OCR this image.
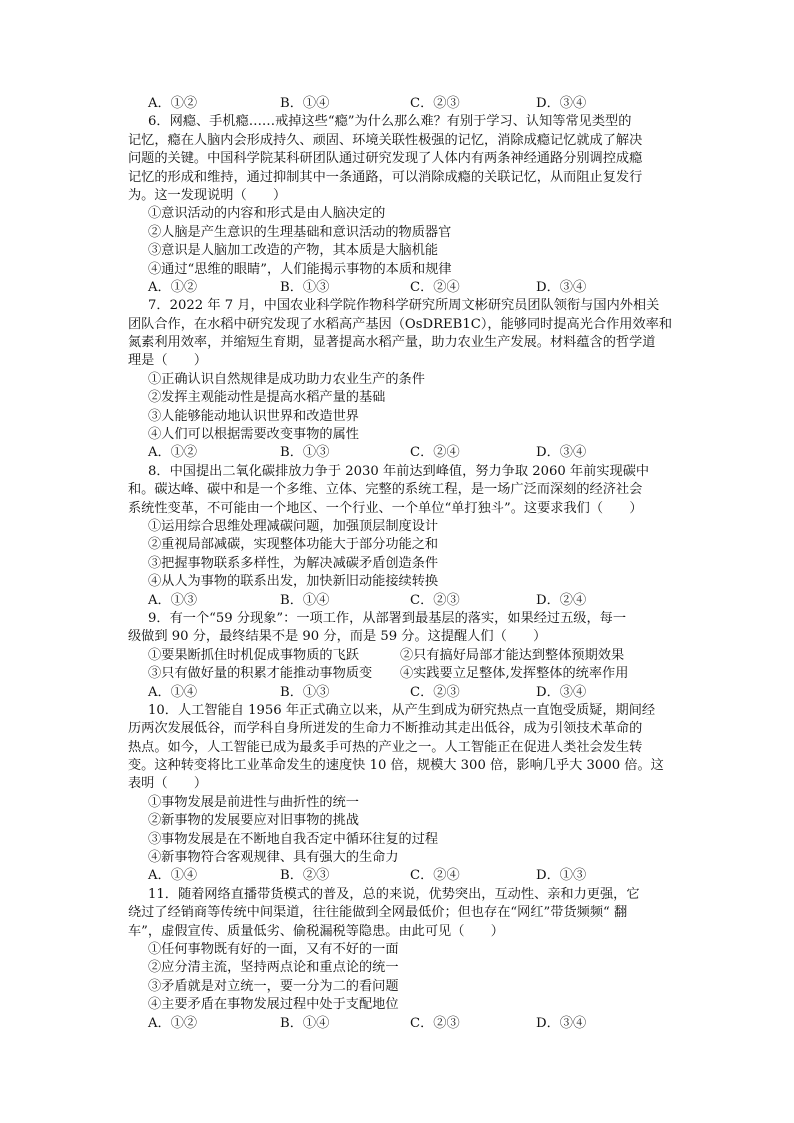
A．①②	B．①④	C．②③	D．③④
6．网瘾、手机瘾……戒掉这些“瘾”为什么那么难？有别于学习、认知等常见类型的
记忆，瘾在人脑内会形成持久、顽固、环境关联性极强的记忆，消除成瘾记忆就成了解决
问题的关键。中国科学院某科研团队通过研究发现了人体内有两条神经通路分别调控成瘾
记忆的形成和维持，通过抑制其中一条通路，可以消除成瘾的关联记忆，从而阻止复发行
为。这一发现说明（　　）
①意识活动的内容和形式是由人脑决定的
②人脑是产生意识的生理基础和意识活动的物质器官
③意识是人脑加工改造的产物，其本质是大脑机能
④通过“思维的眼睛”，人们能揭示事物的本质和规律
A．①②	B．①③	C．②④	D．③④
7．2022 年 7 月，中国农业科学院作物科学研究所周文彬研究员团队领衔与国内外相关
团队合作，在水稻中研究发现了水稻高产基因（OsDREB1C），能够同时提高光合作用效率和
氮素利用效率，并缩短生育期，显著提高水稻产量，助力农业生产发展。材料蕴含的哲学道
理是（　　）
①正确认识自然规律是成功助力农业生产的条件
②发挥主观能动性是提高水稻产量的基础
③人能够能动地认识世界和改造世界
④人们可以根据需要改变事物的属性
A．①②	B．①③	C．②④	D．③④
8．中国提出二氧化碳排放力争于 2030 年前达到峰值，努力争取 2060 年前实现碳中
和。碳达峰、碳中和是一个多维、立体、完整的系统工程，是一场广泛而深刻的经济社会
系统性变革，不可能由一个地区、一个行业、一个单位“单打独斗”。这要求我们（　　）
①运用综合思维处理减碳问题，加强顶层制度设计
②重视局部减碳，实现整体功能大于部分功能之和
③把握事物联系多样性，为解决减碳矛盾创造条件
④从人为事物的联系出发，加快新旧动能接续转换
A．①③	B．①④	C．②③	D．②④
9．有一个“59 分现象”：一项工作，从部署到最基层的落实，如果经过五级，每一
级做到 90 分，最终结果不是 90 分，而是 59 分。这提醒人们（　　）
①要果断抓住时机促成事物质的飞跃	②只有搞好局部才能达到整体预期效果
③只有做好量的积累才能推动事物质变 ④实践要立足整体,发挥整体的统率作用
A．①④	B．①③	C．②③	D．③④
10．人工智能自 1956 年正式确立以来，从产生到成为研究热点一直饱受质疑，期间经
历两次发展低谷，而学科自身所迸发的生命力不断推动其走出低谷，成为引领技术革命的
热点。如今，人工智能已成为最炙手可热的产业之一。人工智能正在促进人类社会发生转
变。这种转变将比工业革命发生的速度快 10 倍，规模大 300 倍，影响几乎大 3000 倍。这
表明（　　）
①事物发展是前进性与曲折性的统一
②新事物的发展要应对旧事物的挑战
③事物发展是在不断地自我否定中循环往复的过程
④新事物符合客观规律、具有强大的生命力
A．①④	B．②③	C．②④	D．①③
11．随着网络直播带货模式的普及，总的来说，优势突出，互动性、亲和力更强，它
绕过了经销商等传统中间渠道，往往能做到全网最低价；但也存在“网红”带货频频“ 翻
车”，虚假宣传、质量低劣、偷税漏税等隐患。由此可见（　　）
①任何事物既有好的一面，又有不好的一面
②应分清主流，坚持两点论和重点论的统一
③矛盾就是对立统一，要一分为二的看问题
④主要矛盾在事物发展过程中处于支配地位
A．①②	B．①④	C．②③	D．③④
